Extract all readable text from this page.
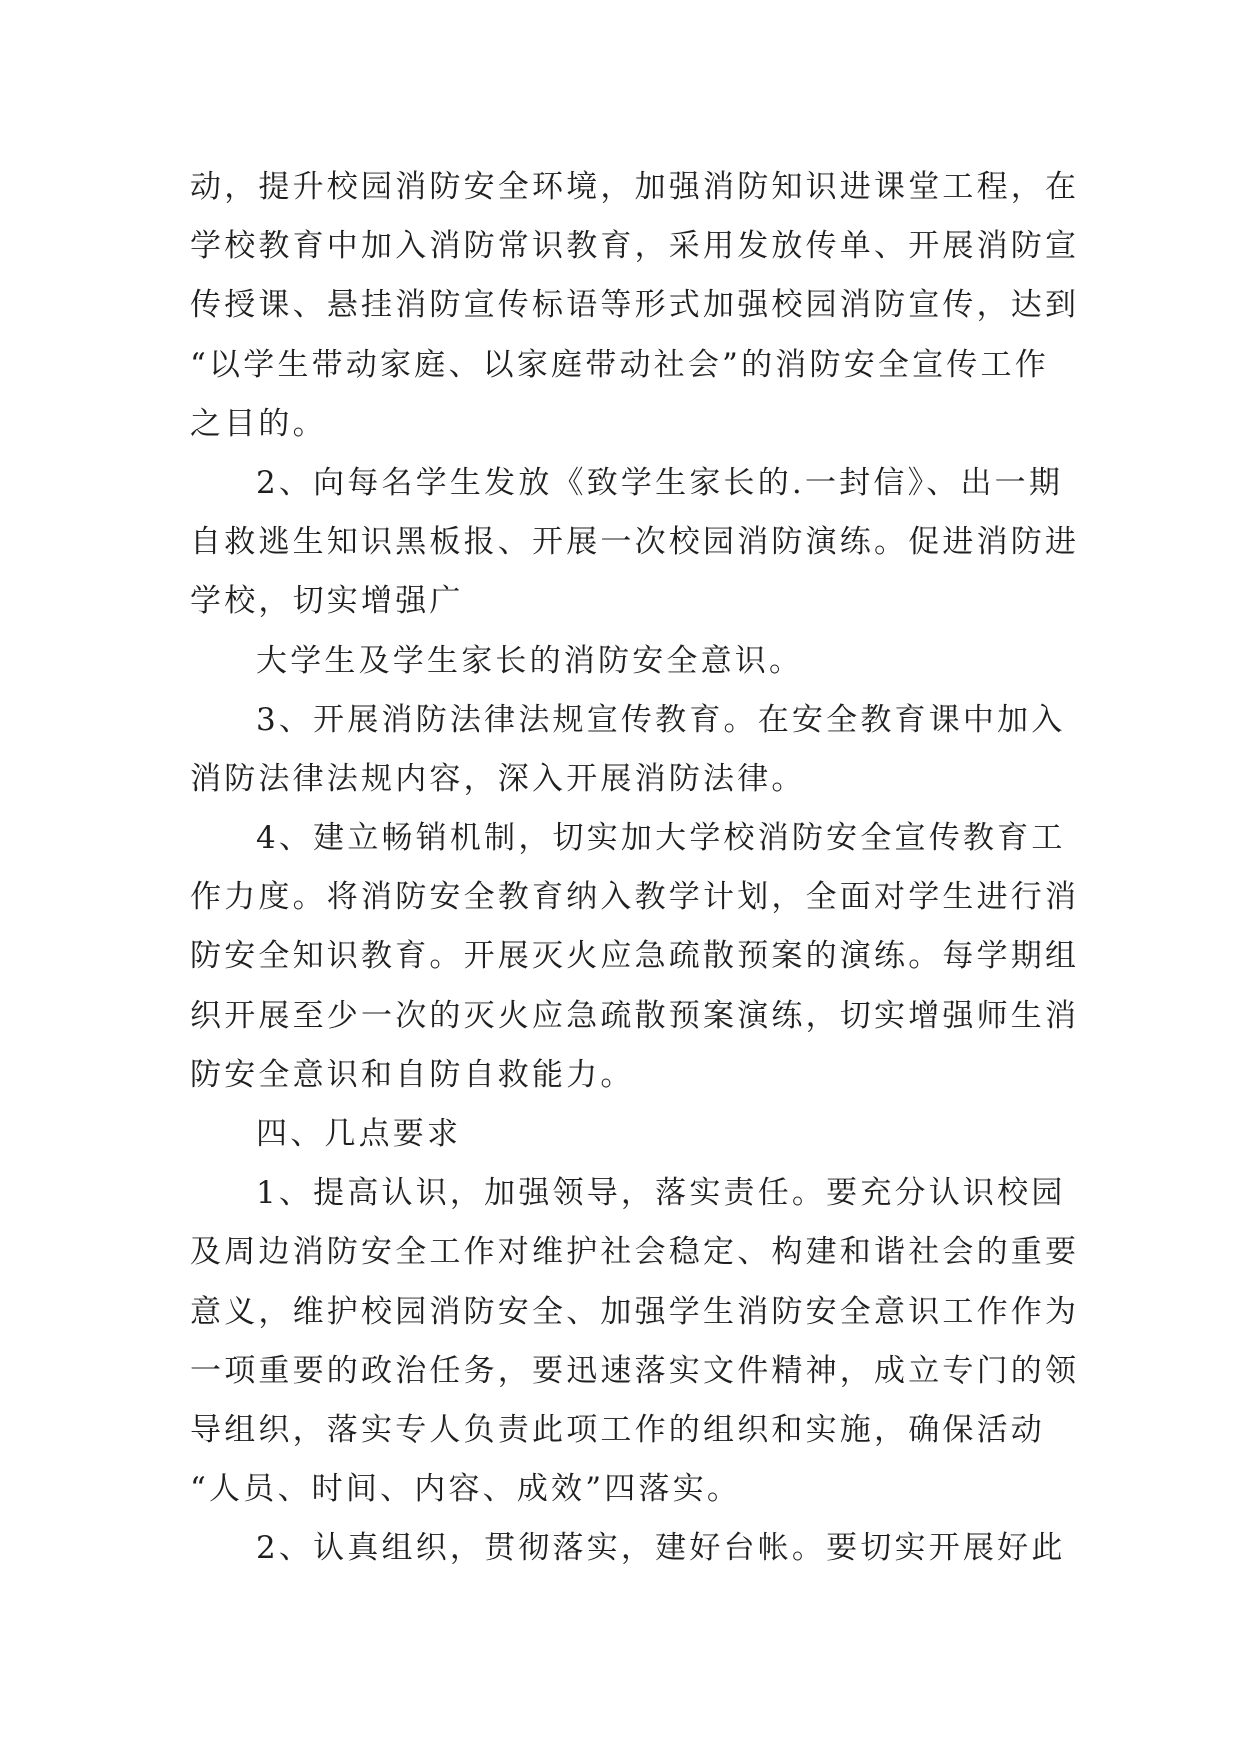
动，提升校园消防安全环境，加强消防知识进课堂工程，在
学校教育中加入消防常识教育，采用发放传单、开展消防宣
传授课、悬挂消防宣传标语等形式加强校园消防宣传，达到
“以学生带动家庭、以家庭带动社会”的消防安全宣传工作
之目的。
2、向每名学生发放《致学生家长的.一封信》、出一期
自救逃生知识黑板报、开展一次校园消防演练。促进消防进
学校，切实增强广
大学生及学生家长的消防安全意识。
3、开展消防法律法规宣传教育。在安全教育课中加入
消防法律法规内容，深入开展消防法律。
4、建立畅销机制，切实加大学校消防安全宣传教育工
作力度。将消防安全教育纳入教学计划，全面对学生进行消
防安全知识教育。开展灭火应急疏散预案的演练。每学期组
织开展至少一次的灭火应急疏散预案演练，切实增强师生消
防安全意识和自防自救能力。
四、几点要求
1、提高认识，加强领导，落实责任。要充分认识校园
及周边消防安全工作对维护社会稳定、构建和谐社会的重要
意义，维护校园消防安全、加强学生消防安全意识工作作为
一项重要的政治任务，要迅速落实文件精神，成立专门的领
导组织，落实专人负责此项工作的组织和实施，确保活动
“人员、时间、内容、成效”四落实。
2、认真组织，贯彻落实，建好台帐。要切实开展好此
